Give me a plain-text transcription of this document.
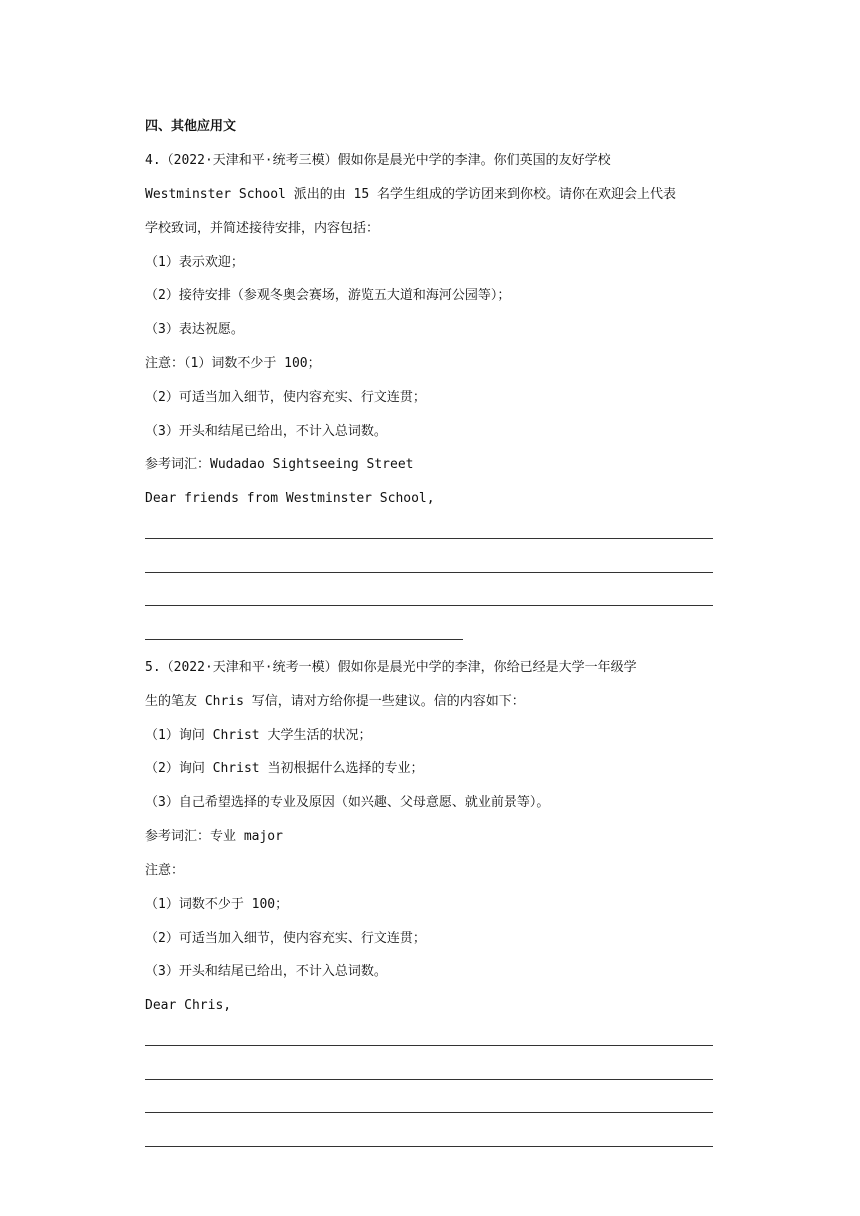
四、其他应用文
4.（2022·天津和平·统考三模）假如你是晨光中学的李津。你们英国的友好学校
Westminster School 派出的由 15 名学生组成的学访团来到你校。请你在欢迎会上代表
学校致词，并简述接待安排，内容包括：
（1）表示欢迎；
（2）接待安排（参观冬奥会赛场，游览五大道和海河公园等）；
（3）表达祝愿。
注意：（1）词数不少于 100；
（2）可适当加入细节，使内容充实、行文连贯；
（3）开头和结尾已给出，不计入总词数。
参考词汇：Wudadao Sightseeing Street
Dear friends from Westminster School,
5.（2022·天津和平·统考一模）假如你是晨光中学的李津，你给已经是大学一年级学
生的笔友 Chris 写信，请对方给你提一些建议。信的内容如下：
（1）询问 Christ 大学生活的状况；
（2）询问 Christ 当初根据什么选择的专业；
（3）自己希望选择的专业及原因（如兴趣、父母意愿、就业前景等）。
参考词汇：专业 major
注意：
（1）词数不少于 100；
（2）可适当加入细节，使内容充实、行文连贯；
（3）开头和结尾已给出，不计入总词数。
Dear Chris,
